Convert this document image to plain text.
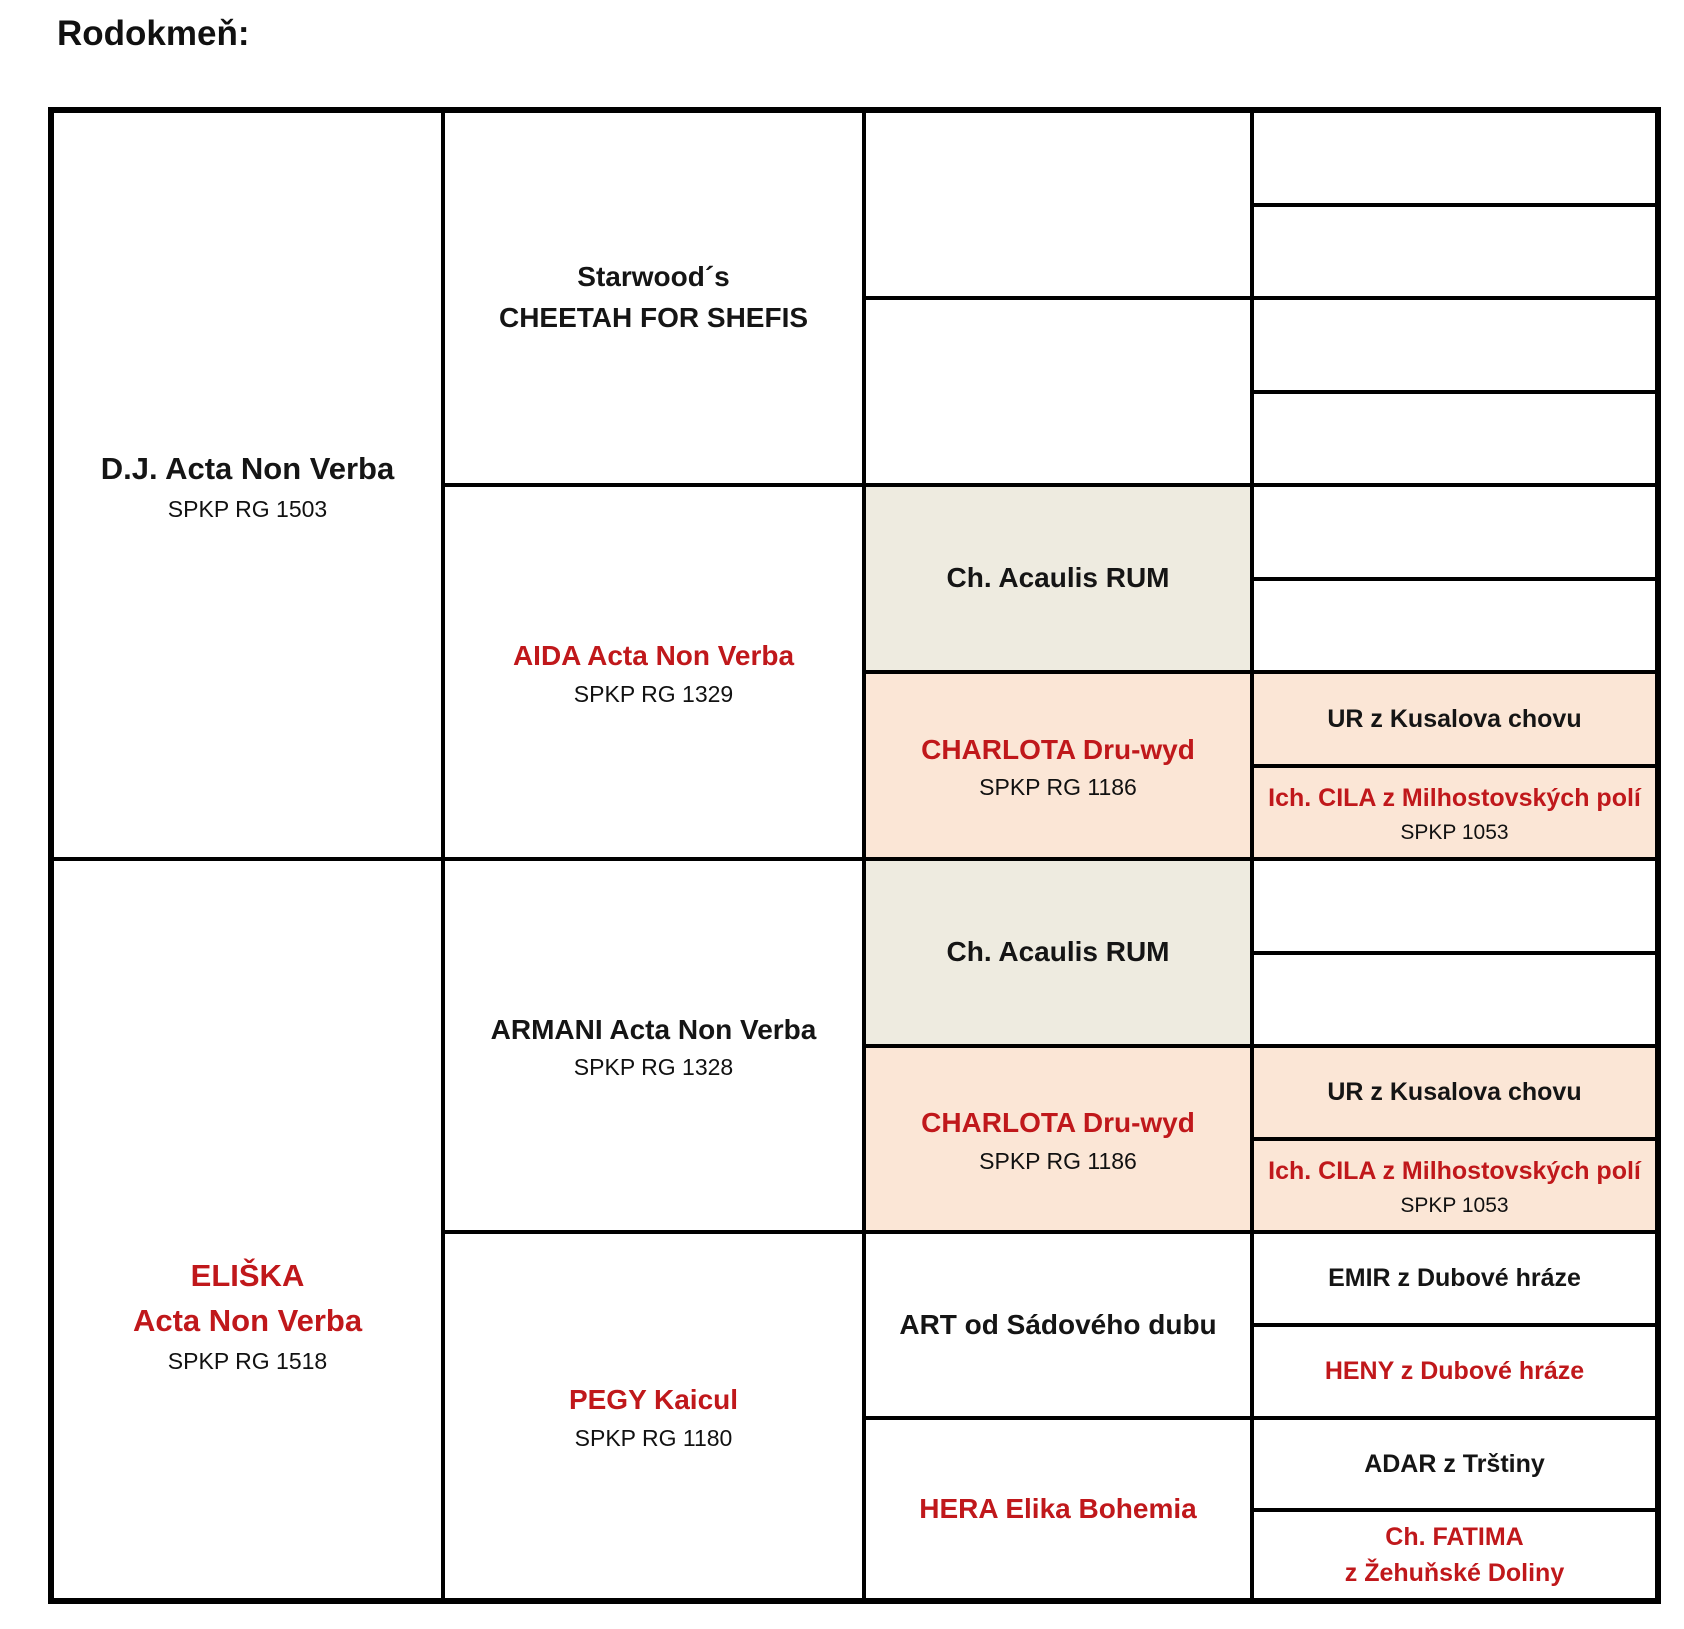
Rodokmeň:
D.J. Acta Non Verba
SPKP RG 1503
ELIŠKA
Acta Non Verba
SPKP RG 1518
Starwood´s
CHEETAH FOR SHEFIS
AIDA Acta Non Verba
SPKP RG 1329
ARMANI Acta Non Verba
SPKP RG 1328
PEGY Kaicul
SPKP RG 1180
Ch. Acaulis RUM
CHARLOTA Dru-wyd
SPKP RG 1186
Ch. Acaulis RUM
CHARLOTA Dru-wyd
SPKP RG 1186
ART od Sádového dubu
HERA Elika Bohemia
UR z Kusalova chovu
Ich. CILA z Milhostovských polí
SPKP 1053
UR z Kusalova chovu
Ich. CILA z Milhostovských polí
SPKP 1053
EMIR z Dubové hráze
HENY z Dubové hráze
ADAR z Trštiny
Ch. FATIMA
z Žehuňské Doliny
